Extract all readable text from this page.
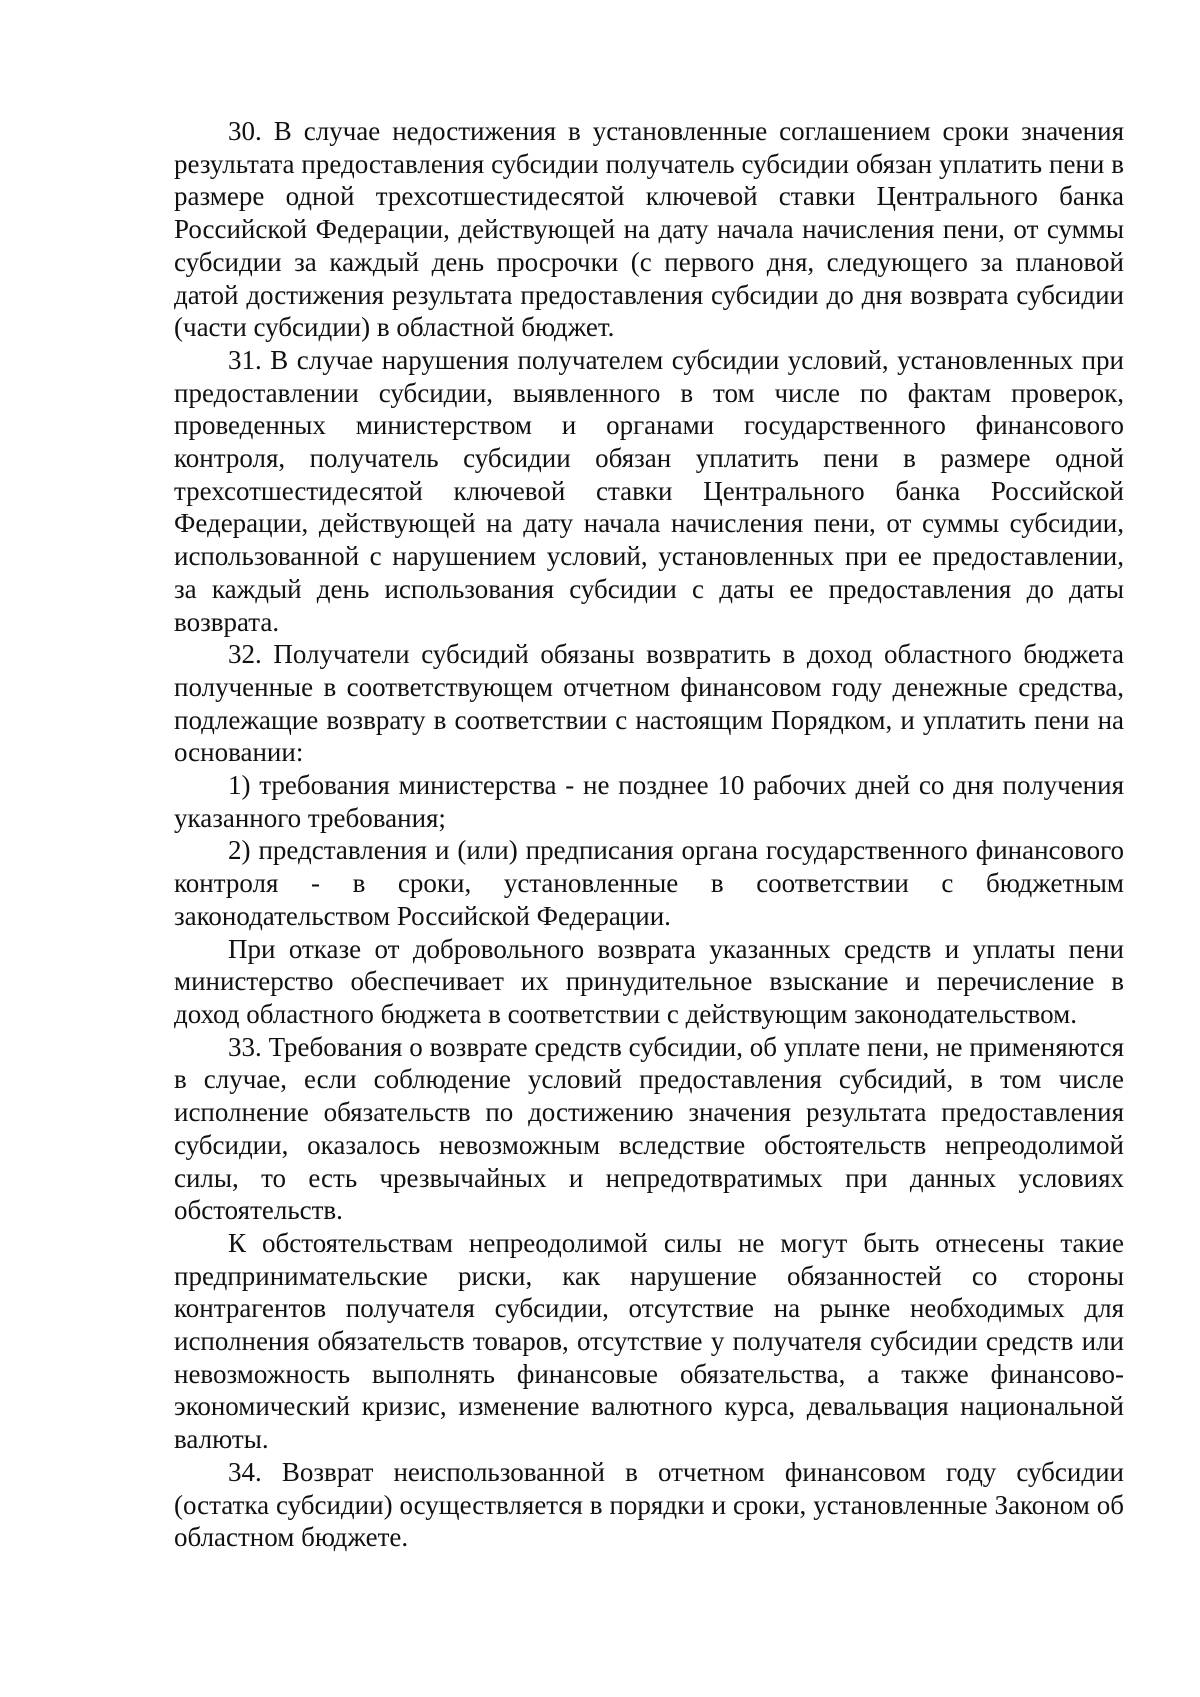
30. В случае недостижения в установленные соглашением сроки значения результата предоставления субсидии получатель субсидии обязан уплатить пени в размере одной трехсотшестидесятой ключевой ставки Центрального банка Российской Федерации, действующей на дату начала начисления пени, от суммы субсидии за каждый день просрочки (с первого дня, следующего за плановой датой достижения результата предоставления субсидии до дня возврата субсидии (части субсидии) в областной бюджет.

31. В случае нарушения получателем субсидии условий, установленных при предоставлении субсидии, выявленного в том числе по фактам проверок, проведенных министерством и органами государственного финансового контроля, получатель субсидии обязан уплатить пени в размере одной трехсотшестидесятой ключевой ставки Центрального банка Российской Федерации, действующей на дату начала начисления пени, от суммы субсидии, использованной с нарушением условий, установленных при ее предоставлении, за каждый день использования субсидии с даты ее предоставления до даты возврата.

32. Получатели субсидий обязаны возвратить в доход областного бюджета полученные в соответствующем отчетном финансовом году денежные средства, подлежащие возврату в соответствии с настоящим Порядком, и уплатить пени на основании:

1) требования министерства - не позднее 10 рабочих дней со дня получения указанного требования;

2) представления и (или) предписания органа государственного финансового контроля - в сроки, установленные в соответствии с бюджетным законодательством Российской Федерации.

При отказе от добровольного возврата указанных средств и уплаты пени министерство обеспечивает их принудительное взыскание и перечисление в доход областного бюджета в соответствии с действующим законодательством.

33. Требования о возврате средств субсидии, об уплате пени, не применяются в случае, если соблюдение условий предоставления субсидий, в том числе исполнение обязательств по достижению значения результата предоставления субсидии, оказалось невозможным вследствие обстоятельств непреодолимой силы, то есть чрезвычайных и непредотвратимых при данных условиях обстоятельств.

К обстоятельствам непреодолимой силы не могут быть отнесены такие предпринимательские риски, как нарушение обязанностей со стороны контрагентов получателя субсидии, отсутствие на рынке необходимых для исполнения обязательств товаров, отсутствие у получателя субсидии средств или невозможность выполнять финансовые обязательства, а также финансово-экономический кризис, изменение валютного курса, девальвация национальной валюты.

34. Возврат неиспользованной в отчетном финансовом году субсидии (остатка субсидии) осуществляется в порядки и сроки, установленные Законом об областном бюджете.
